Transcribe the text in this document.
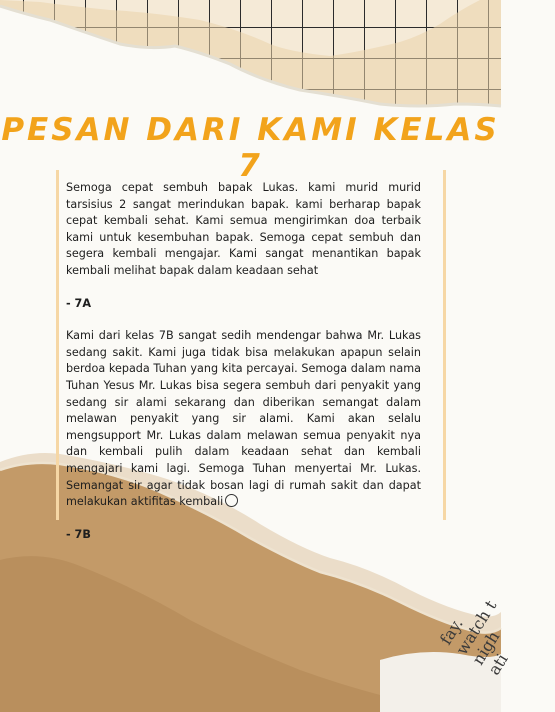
fay.
watch t
nigh
ati
PESAN DARI KAMI KELAS 7

Semoga cepat sembuh bapak Lukas. kami murid murid tarsisius 2 sangat merindukan bapak. kami berharap bapak cepat kembali sehat. Kami semua mengirimkan doa terbaik kami untuk kesembuhan bapak. Semoga cepat sembuh dan segera kembali mengajar. Kami sangat menantikan bapak kembali melihat bapak dalam keadaan sehat

- 7A

Kami dari kelas 7B sangat sedih mendengar bahwa Mr. Lukas sedang sakit. Kami juga tidak bisa melakukan apapun selain berdoa kepada Tuhan yang kita percayai. Semoga dalam nama Tuhan Yesus Mr. Lukas bisa segera sembuh dari penyakit yang sedang sir alami sekarang dan diberikan semangat dalam melawan penyakit yang sir alami. Kami akan selalu mengsupport Mr. Lukas dalam melawan semua penyakit nya dan kembali pulih dalam keadaan sehat dan kembali mengajari kami lagi. Semoga Tuhan menyertai Mr. Lukas. Semangat sir agar tidak bosan lagi di rumah sakit dan dapat melakukan aktifitas kembali

- 7B
